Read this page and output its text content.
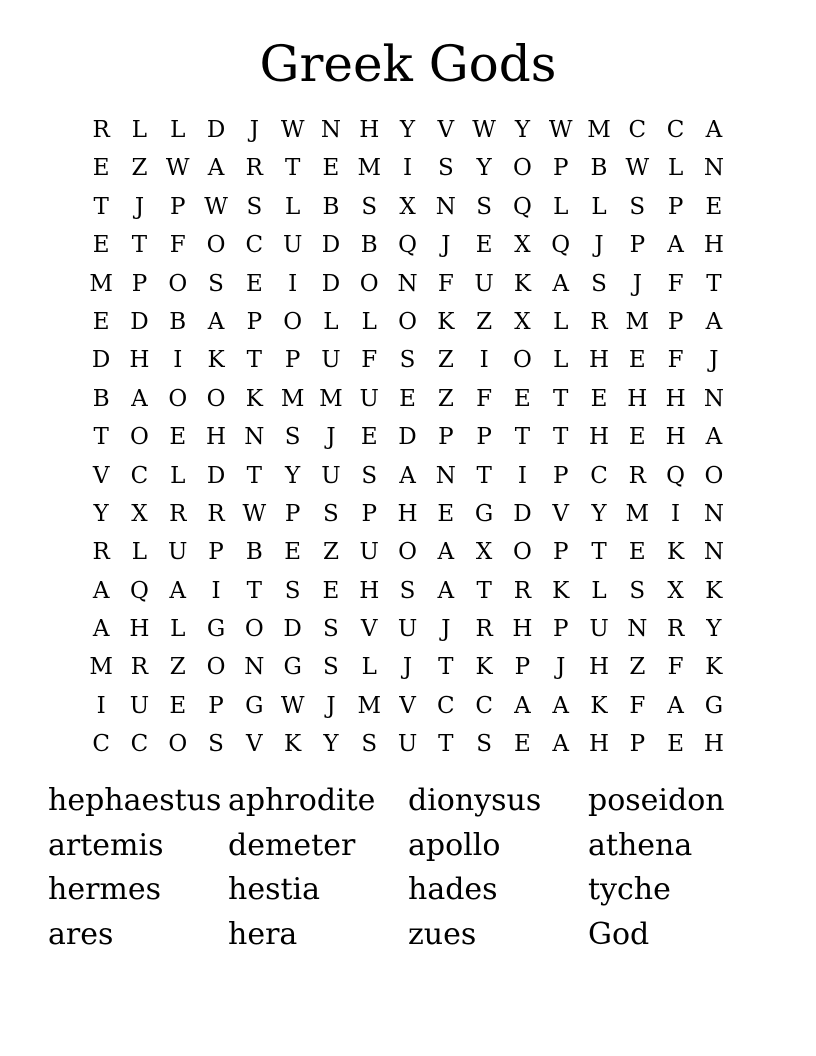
Greek Gods
R L	L D	J W N H Y V W Y W M C C A
E Z W A R T E M I	S Y O P B W L N
T	J	P W S L B S X N S Q L	L S P E
E T F O C U D B Q	J	E X Q	J	P A H
M P O S E	I	D O N F U K A S	J	F T
E D B A P O L	L O K Z X L R M P A
D H	I	K T P U F S Z	I	O L H E F	J
B A O O K M M U E Z F E T E H H N
T O E H N S	J	E D P P T T H E H A
V C L D T	Y U S A N T	I	P C R Q O
Y X R R W P S P H E G D V Y M I	N
R L U P B E Z U O A X O P T E K N
A Q A	I	T S E H S A T R K L S X K
A H L G O D S V U	J	R H P U N R Y
M R Z O N G S L	J	T K P	J	H Z F K
I	U E P G W J M V C C A A K F A G
C C O S V K Y S U T S E A H P E H
hephaestus aphrodite	dionysus	poseidon
artemis	demeter	apollo	athena
hermes	hestia	hades	tyche
ares	hera	zues	God
